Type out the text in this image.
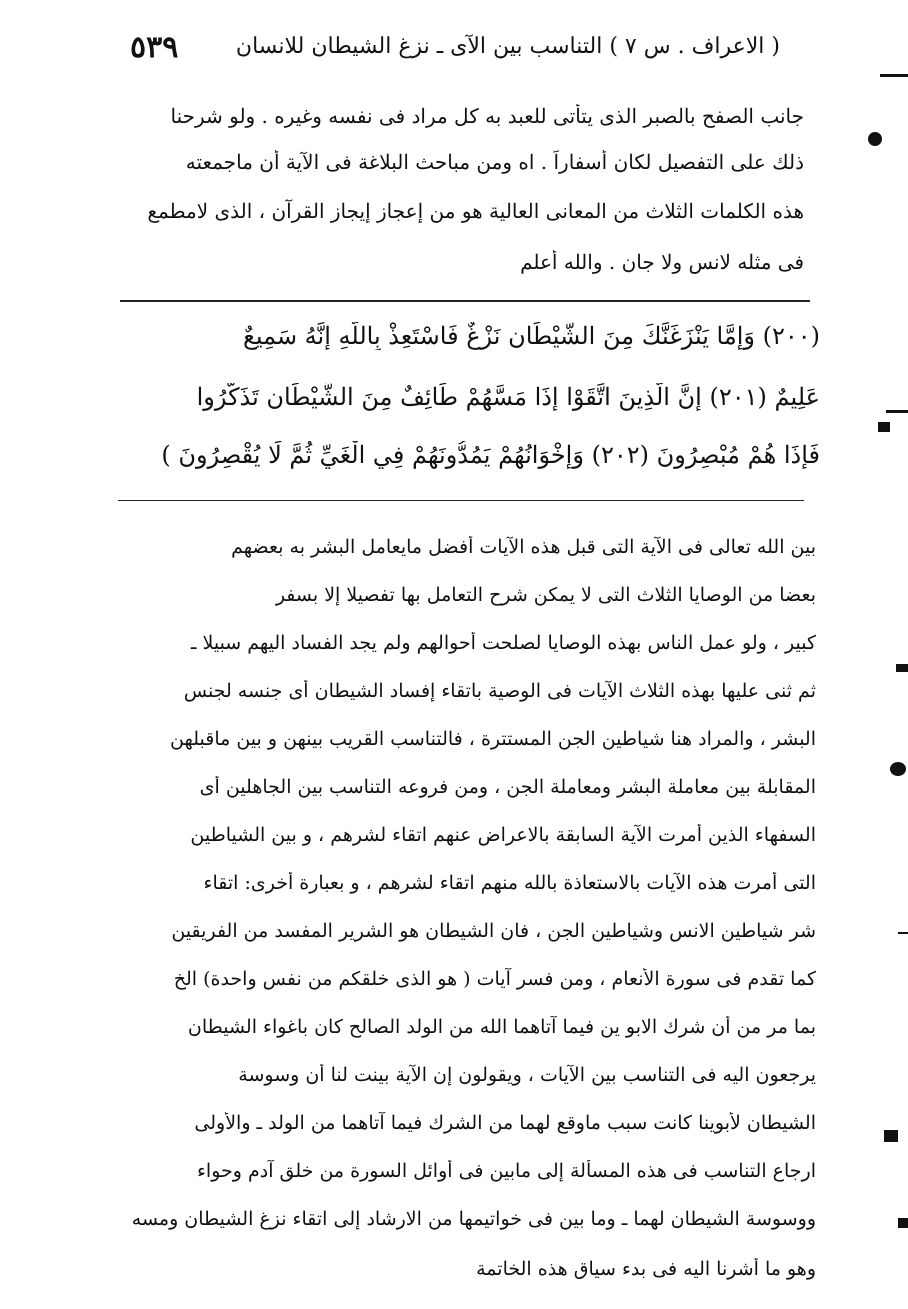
( الاعراف . س ٧ ) التناسب بين الآى ـ نزغ الشيطان للانسان
٥٣٩
جانب الصفح بالصبر الذى يتأتى للعبد به كل مراد فى نفسه وغيره . ولو شرحنا
ذلك على التفصيل لكان أسفاراً . اه ومن مباحث البلاغة فى الآية أن ماجمعته
هذه الكلمات الثلاث من المعانى العالية هو من إعجاز إيجاز القرآن ، الذى لامطمع
فى مثله لانس ولا جان . والله أعلم
(٢٠٠) وَإِمَّا يَنْزَغَنَّكَ مِنَ الشَّيْطَانِ نَزْغٌ فَاسْتَعِذْ بِاللَّهِ إِنَّهُ سَمِيعٌ
عَلِيمٌ (٢٠١) إِنَّ الَّذِينَ اتَّقَوْا إِذَا مَسَّهُمْ طَائِفٌ مِنَ الشَّيْطَانِ تَذَكَّرُوا
فَإِذَا هُمْ مُبْصِرُونَ (٢٠٢) وَإِخْوَانُهُمْ يَمُدُّونَهُمْ فِي الْغَيِّ ثُمَّ لَا يُقْصِرُونَ )
بين الله تعالى فى الآية التى قبل هذه الآيات أفضل مايعامل البشر به بعضهم
بعضا من الوصايا الثلاث التى لا يمكن شرح التعامل بها تفصيلا إلا بسفر
كبير ، ولو عمل الناس بهذه الوصايا لصلحت أحوالهم ولم يجد الفساد اليهم سبيلا ـ
ثم ثنى عليها بهذه الثلاث الآيات فى الوصية باتقاء إفساد الشيطان أى جنسه لجنس
البشر ، والمراد هنا شياطين الجن المستترة ، فالتناسب القريب بينهن و بين ماقبلهن
المقابلة بين معاملة البشر ومعاملة الجن ، ومن فروعه التناسب بين الجاهلين أى
السفهاء الذين أمرت الآية السابقة بالاعراض عنهم اتقاء لشرهم ، و بين الشياطين
التى أمرت هذه الآيات بالاستعاذة بالله منهم اتقاء لشرهم ، و بعبارة أخرى: اتقاء
شر شياطين الانس وشياطين الجن ، فان الشيطان هو الشرير المفسد من الفريقين
كما تقدم فى سورة الأنعام ، ومن فسر آيات ( هو الذى خلقكم من نفس واحدة) الخ
بما مر من أن شرك الابو ين فيما آتاهما الله من الولد الصالح كان باغواء الشيطان
يرجعون اليه فى التناسب بين الآيات ، ويقولون إن الآية بينت لنا أن وسوسة
الشيطان لأبوينا كانت سبب ماوقع لهما من الشرك فيما آتاهما من الولد ـ والأولى
ارجاع التناسب فى هذه المسألة إلى مابين فى أوائل السورة من خلق آدم وحواء
ووسوسة الشيطان لهما ـ وما بين فى خواتيمها من الارشاد إلى اتقاء نزغ الشيطان ومسه
وهو ما أشرنا اليه فى بدء سياق هذه الخاتمة
